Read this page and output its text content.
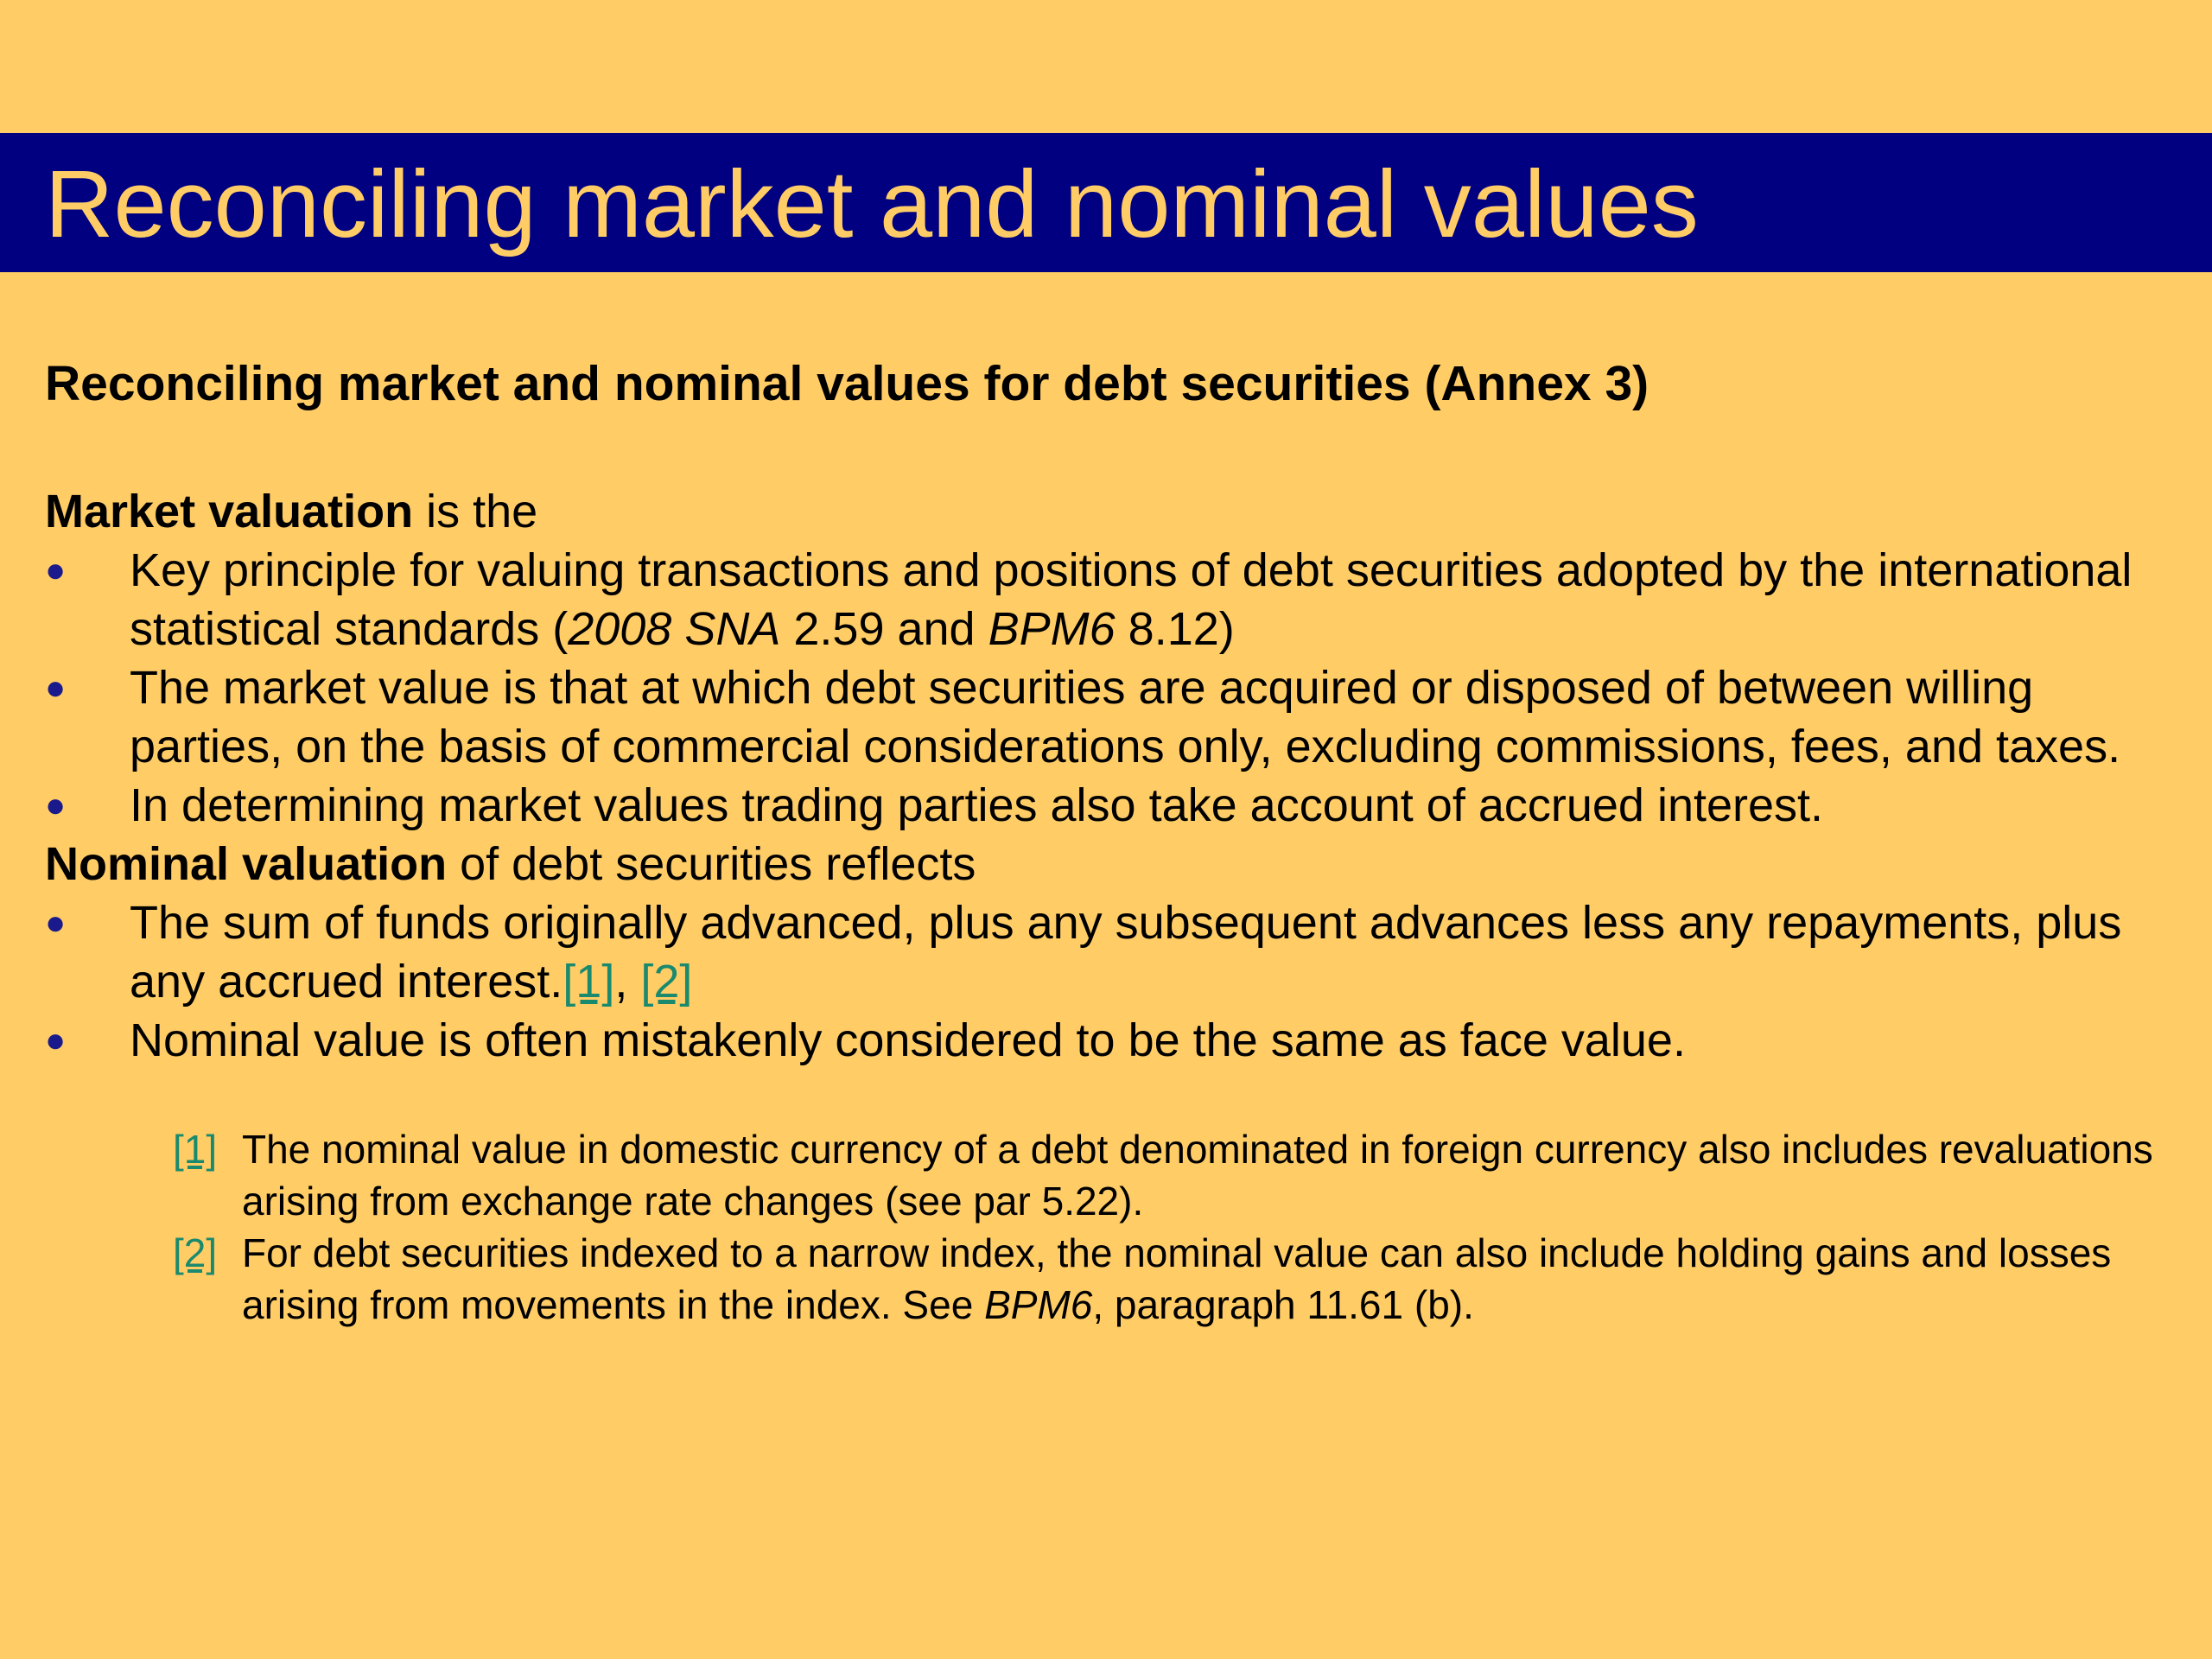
Reconciling market and nominal values

Reconciling market and nominal values for debt securities (Annex 3)

Market valuation is the

● Key principle for valuing transactions and positions of debt securities adopted by the international statistical standards (2008 SNA 2.59 and BPM6 8.12)
● The market value is that at which debt securities are acquired or disposed of between willing parties, on the basis of commercial considerations only, excluding commissions, fees, and taxes.
● In determining market values trading parties also take account of accrued interest.

Nominal valuation of debt securities reflects

● The sum of funds originally advanced, plus any subsequent advances less any repayments, plus any accrued interest.[1], [2]
● Nominal value is often mistakenly considered to be the same as face value.
[1] The nominal value in domestic currency of a debt denominated in foreign currency also includes revaluations arising from exchange rate changes (see par 5.22).
[2] For debt securities indexed to a narrow index, the nominal value can also include holding gains and losses arising from movements in the index. See BPM6, paragraph 11.61 (b).
